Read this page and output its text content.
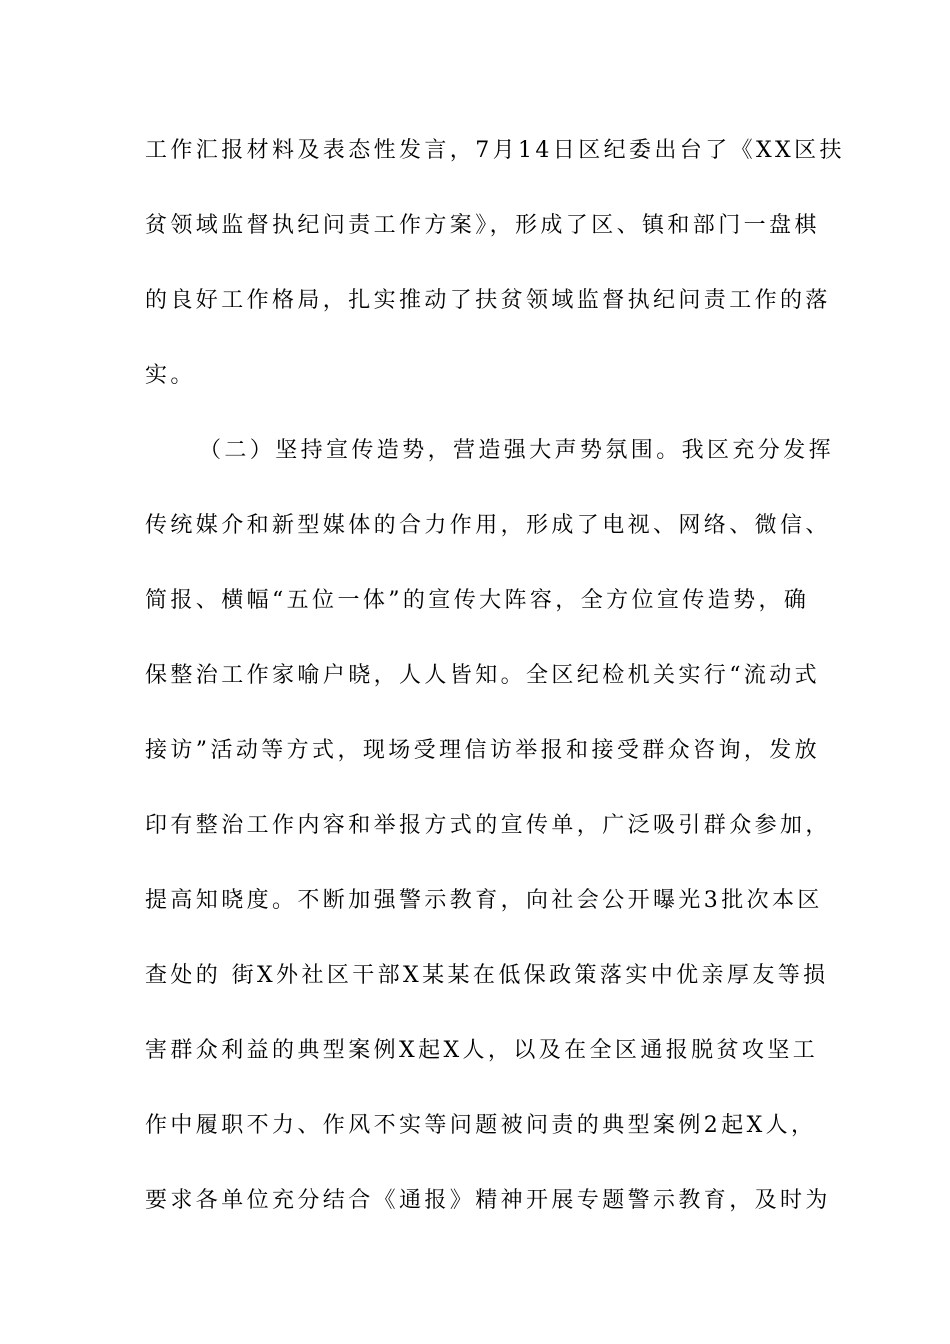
工作汇报材料及表态性发言，7月14日区纪委出台了《XX区扶
贫领域监督执纪问责工作方案》，形成了区、镇和部门一盘棋
的良好工作格局，扎实推动了扶贫领域监督执纪问责工作的落
实。
（二）坚持宣传造势，营造强大声势氛围。我区充分发挥
传统媒介和新型媒体的合力作用，形成了电视、网络、微信、
简报、横幅“五位一体”的宣传大阵容，全方位宣传造势，确
保整治工作家喻户晓，人人皆知。全区纪检机关实行“流动式
接访”活动等方式，现场受理信访举报和接受群众咨询，发放
印有整治工作内容和举报方式的宣传单，广泛吸引群众参加，
提高知晓度。不断加强警示教育，向社会公开曝光3批次本区
查处的 街X外社区干部X某某在低保政策落实中优亲厚友等损
害群众利益的典型案例X起X人，以及在全区通报脱贫攻坚工
作中履职不力、作风不实等问题被问责的典型案例2起X人，
要求各单位充分结合《通报》精神开展专题警示教育，及时为
